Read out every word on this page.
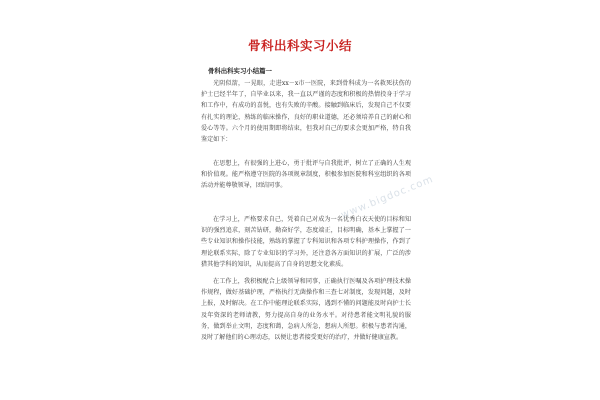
骨科出科实习小结
骨科出科实习小结篇一

光阴似箭，一晃眼，走进xx－x市一医院，来到骨科成为一名救死扶伤的护士已经半年了，自毕业以来，我一直以严谨的态度和积极的热情投身于学习和工作中，有成功的喜悦，也有失败的辛酸。接触到临床后，发现自己不仅要有扎实的理论，熟练的临床操作，良好的职业道德，还必须培养自己的耐心和爱心等等。六个月的使用期即将结束，但我对自己的要求会更加严格，特自我鉴定如下：

在思想上，有很强的上进心，勇于批评与自我批评，树立了正确的人生观和价值观。能严格遵守医院的各项规章制度，积极参加医院和科室组织的各项活动并能尊敬领导，团结同事。

在学习上，严格要求自己，凭着自己对成为一名优秀白衣天使的目标和知识的强烈追求，刻苦钻研，勤奋好学，态度端正，目标明确，基本上掌握了一些专业知识和操作技能，熟练的掌握了专科知识和各项专科护理操作，作到了理论联系实际，除了专业知识的学习外，还注意各方面知识的扩展，广泛的涉猎其他学科的知识，从而提高了自身的思想文化素质。

在工作上，我积极配合上级领导和同事，正确执行医嘱及各项护理技术操作规程，做好基础护理，严格执行无菌操作和三查七对制度，发现问题，及时上报，及时解决。在工作中能理论联系实际，遇到不懂的问题能及时向护士长及年资深的老师请教，努力提高自身的业务水平。对待患者能文明礼貌的服务，做到举止文明，态度和蔼，急病人所急，想病人所想。积极与患者沟通，及时了解他们的心理动态，以便让患者接受更好的治疗，并做好健康宣教。

www.bigdoc.com
